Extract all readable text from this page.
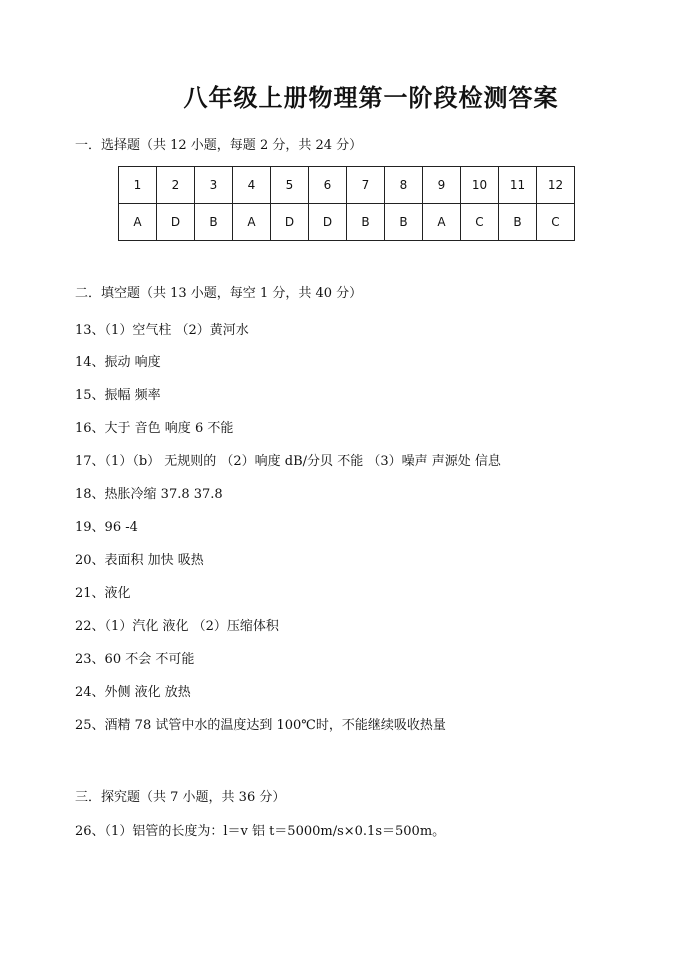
八年级上册物理第一阶段检测答案
一．选择题（共 12 小题，每题 2 分，共 24 分）
1	2	3	4	5	6	7	8	9	10	11	12
A	D	B	A	D	D	B	B	A	C	B	C
二．填空题（共 13 小题，每空 1 分，共 40 分）
13、（1）空气柱 （2）黄河水
14、振动 响度
15、振幅 频率
16、大于 音色 响度 6 不能
17、（1）（b） 无规则的 （2）响度 dB/分贝 不能 （3）噪声 声源处 信息
18、热胀冷缩 37.8 37.8
19、96 -4
20、表面积 加快 吸热
21、液化
22、（1）汽化 液化 （2）压缩体积
23、60 不会 不可能
24、外侧 液化 放热
25、酒精 78 试管中水的温度达到 100℃时，不能继续吸收热量
三．探究题（共 7 小题，共 36 分）
26、（1）铝管的长度为：l＝v 铝 t＝5000m/s×0.1s＝500m。
